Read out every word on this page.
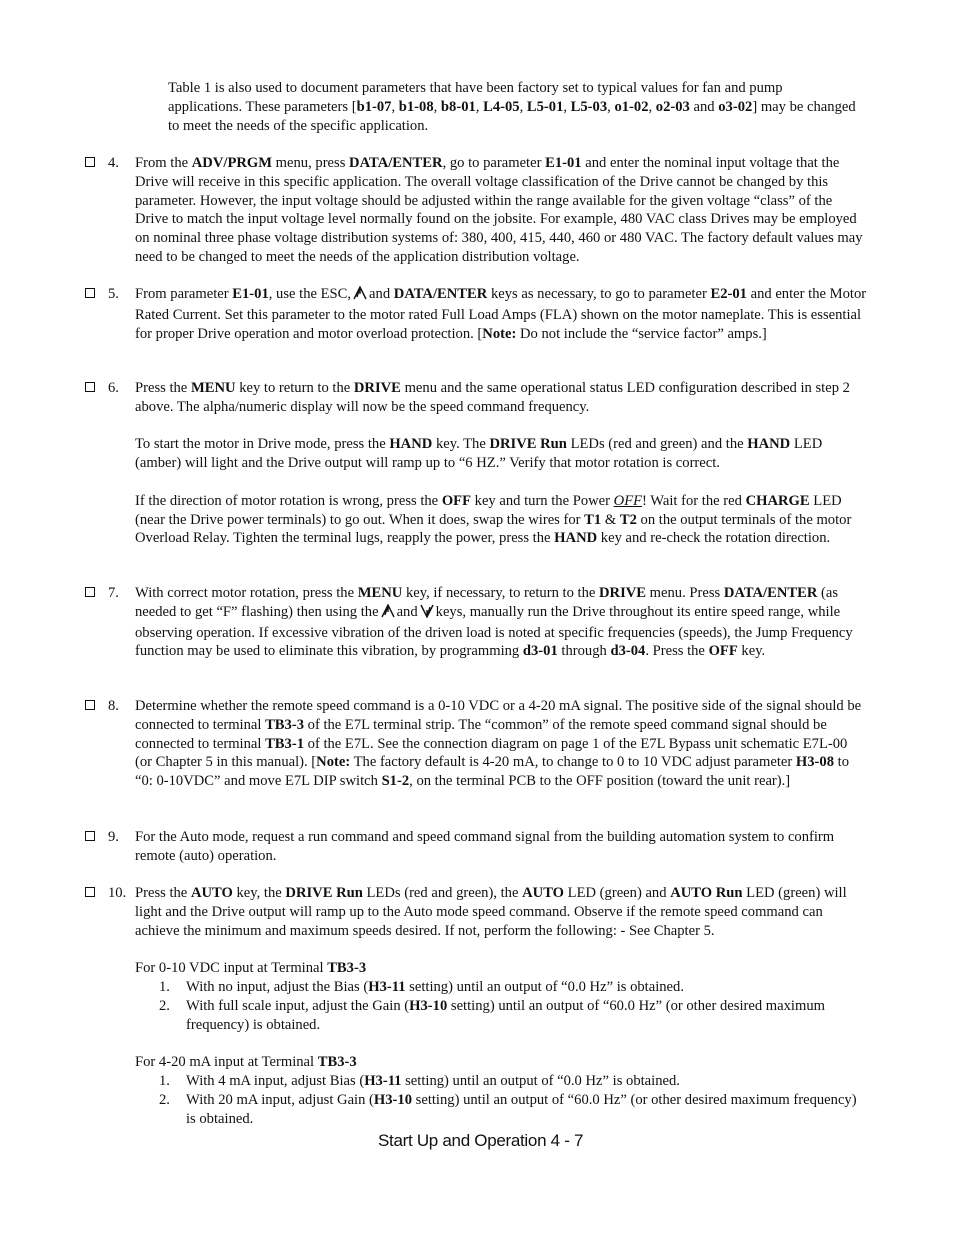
Table 1 is also used to document parameters that have been factory set to typical values for fan and pump applications. These parameters [b1-07, b1-08, b8-01, L4-05, L5-01, L5-03, o1-02, o2-03 and o3-02] may be changed to meet the needs of the specific application.
4.	From the ADV/PRGM menu, press DATA/ENTER, go to parameter E1-01 and enter the nominal input voltage that the Drive will receive in this specific application. The overall voltage classification of the Drive cannot be changed by this parameter. However, the input voltage should be adjusted within the range available for the given voltage “class” of the Drive to match the input voltage level normally found on the jobsite. For example, 480 VAC class Drives may be employed on nominal three phase voltage distribution systems of: 380, 400, 415, 440, 460 or 480 VAC. The factory default values may need to be changed to meet the needs of the application distribution voltage.
5.	From parameter E1-01, use the ESC, and DATA/ENTER keys as necessary, to go to parameter E2-01 and enter the Motor Rated Current. Set this parameter to the motor rated Full Load Amps (FLA) shown on the motor nameplate. This is essential for proper Drive operation and motor overload protection. [Note: Do not include the “service factor” amps.]
6.	Press the MENU key to return to the DRIVE menu and the same operational status LED configuration described in step 2 above. The alpha/numeric display will now be the speed command frequency.

To start the motor in Drive mode, press the HAND key. The DRIVE Run LEDs (red and green) and the HAND LED (amber) will light and the Drive output will ramp up to “6 HZ.” Verify that motor rotation is correct.

If the direction of motor rotation is wrong, press the OFF key and turn the Power OFF! Wait for the red CHARGE LED (near the Drive power terminals) to go out. When it does, swap the wires for T1 & T2 on the output terminals of the motor Overload Relay. Tighten the terminal lugs, reapply the power, press the HAND key and re-check the rotation direction.

7.	With correct motor rotation, press the MENU key, if necessary, to return to the DRIVE menu. Press DATA/ENTER (as needed to get “F” flashing) then using the and keys, manually run the Drive throughout its entire speed range, while observing operation. If excessive vibration of the driven load is noted at specific frequencies (speeds), the Jump Frequency function may be used to eliminate this vibration, by programming d3-01 through d3-04. Press the OFF key.
8.	Determine whether the remote speed command is a 0-10 VDC or a 4-20 mA signal. The positive side of the signal should be connected to terminal TB3-3 of the E7L terminal strip. The “common” of the remote speed command signal should be connected to terminal TB3-1 of the E7L. See the connection diagram on page 1 of the E7L Bypass unit schematic E7L-00 (or Chapter 5 in this manual). [Note: The factory default is 4-20 mA, to change to 0 to 10 VDC adjust parameter H3-08 to “0: 0-10VDC” and move E7L DIP switch S1-2, on the terminal PCB to the OFF position (toward the unit rear).]
9.	For the Auto mode, request a run command and speed command signal from the building automation system to confirm remote (auto) operation.
10. Press the AUTO key, the DRIVE Run LEDs (red and green), the AUTO LED (green) and AUTO Run LED (green) will light and the Drive output will ramp up to the Auto mode speed command. Observe if the remote speed command can achieve the minimum and maximum speeds desired. If not, perform the following: - See Chapter 5.

For 0-10 VDC input at Terminal TB3-3

1. With no input, adjust the Bias (H3-11 setting) until an output of “0.0 Hz” is obtained.
2. With full scale input, adjust the Gain (H3-10 setting) until an output of “60.0 Hz” (or other desired maximum frequency) is obtained.

For 4-20 mA input at Terminal TB3-3

1. With 4 mA input, adjust Bias (H3-11 setting) until an output of “0.0 Hz” is obtained.
2. With 20 mA input, adjust Gain (H3-10 setting) until an output of “60.0 Hz” (or other desired maximum frequency) is obtained.
Start Up and Operation 4 - 7
